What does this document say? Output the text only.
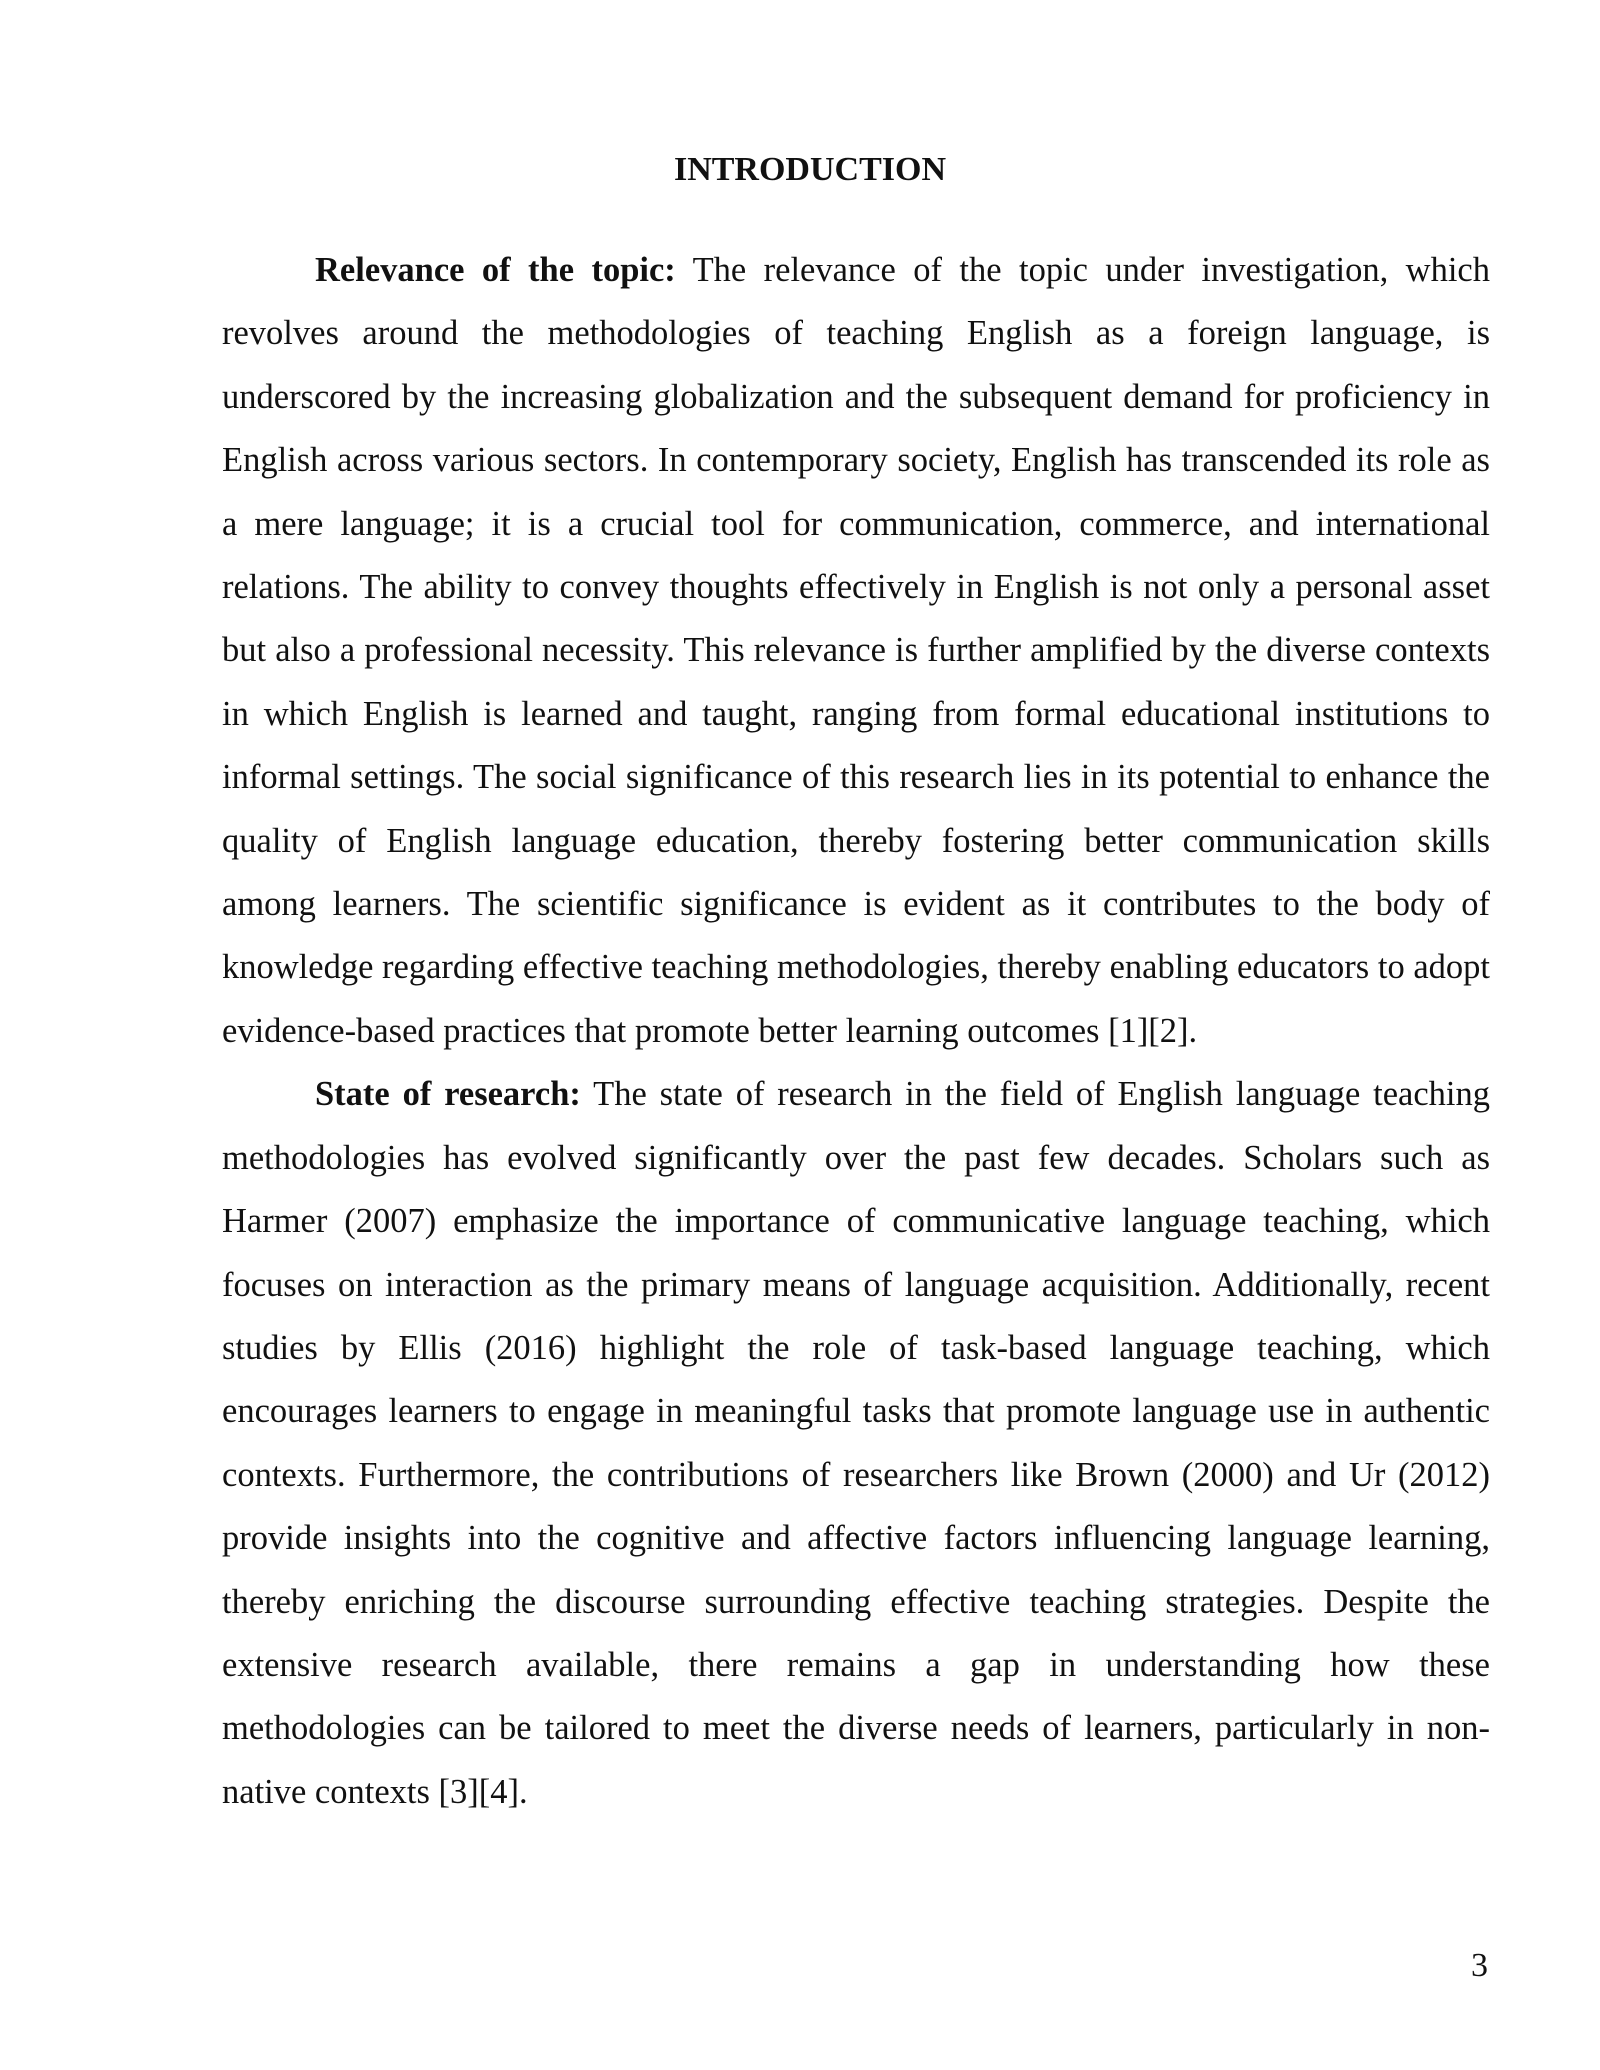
INTRODUCTION

Relevance of the topic: The relevance of the topic under investigation, which revolves around the methodologies of teaching English as a foreign language, is underscored by the increasing globalization and the subsequent demand for proficiency in English across various sectors. In contemporary society, English has transcended its role as a mere language; it is a crucial tool for communication, commerce, and international relations. The ability to convey thoughts effectively in English is not only a personal asset but also a professional necessity. This relevance is further amplified by the diverse contexts in which English is learned and taught, ranging from formal educational institutions to informal settings. The social significance of this research lies in its potential to enhance the quality of English language education, thereby fostering better communication skills among learners. The scientific significance is evident as it contributes to the body of knowledge regarding effective teaching methodologies, thereby enabling educators to adopt evidence-based practices that promote better learning outcomes [1][2].

State of research: The state of research in the field of English language teaching methodologies has evolved significantly over the past few decades. Scholars such as Harmer (2007) emphasize the importance of communicative language teaching, which focuses on interaction as the primary means of language acquisition. Additionally, recent studies by Ellis (2016) highlight the role of task-based language teaching, which encourages learners to engage in meaningful tasks that promote language use in authentic contexts. Furthermore, the contributions of researchers like Brown (2000) and Ur (2012) provide insights into the cognitive and affective factors influencing language learning, thereby enriching the discourse surrounding effective teaching strategies. Despite the extensive research available, there remains a gap in understanding how these methodologies can be tailored to meet the diverse needs of learners, particularly in non-native contexts [3][4].

3
